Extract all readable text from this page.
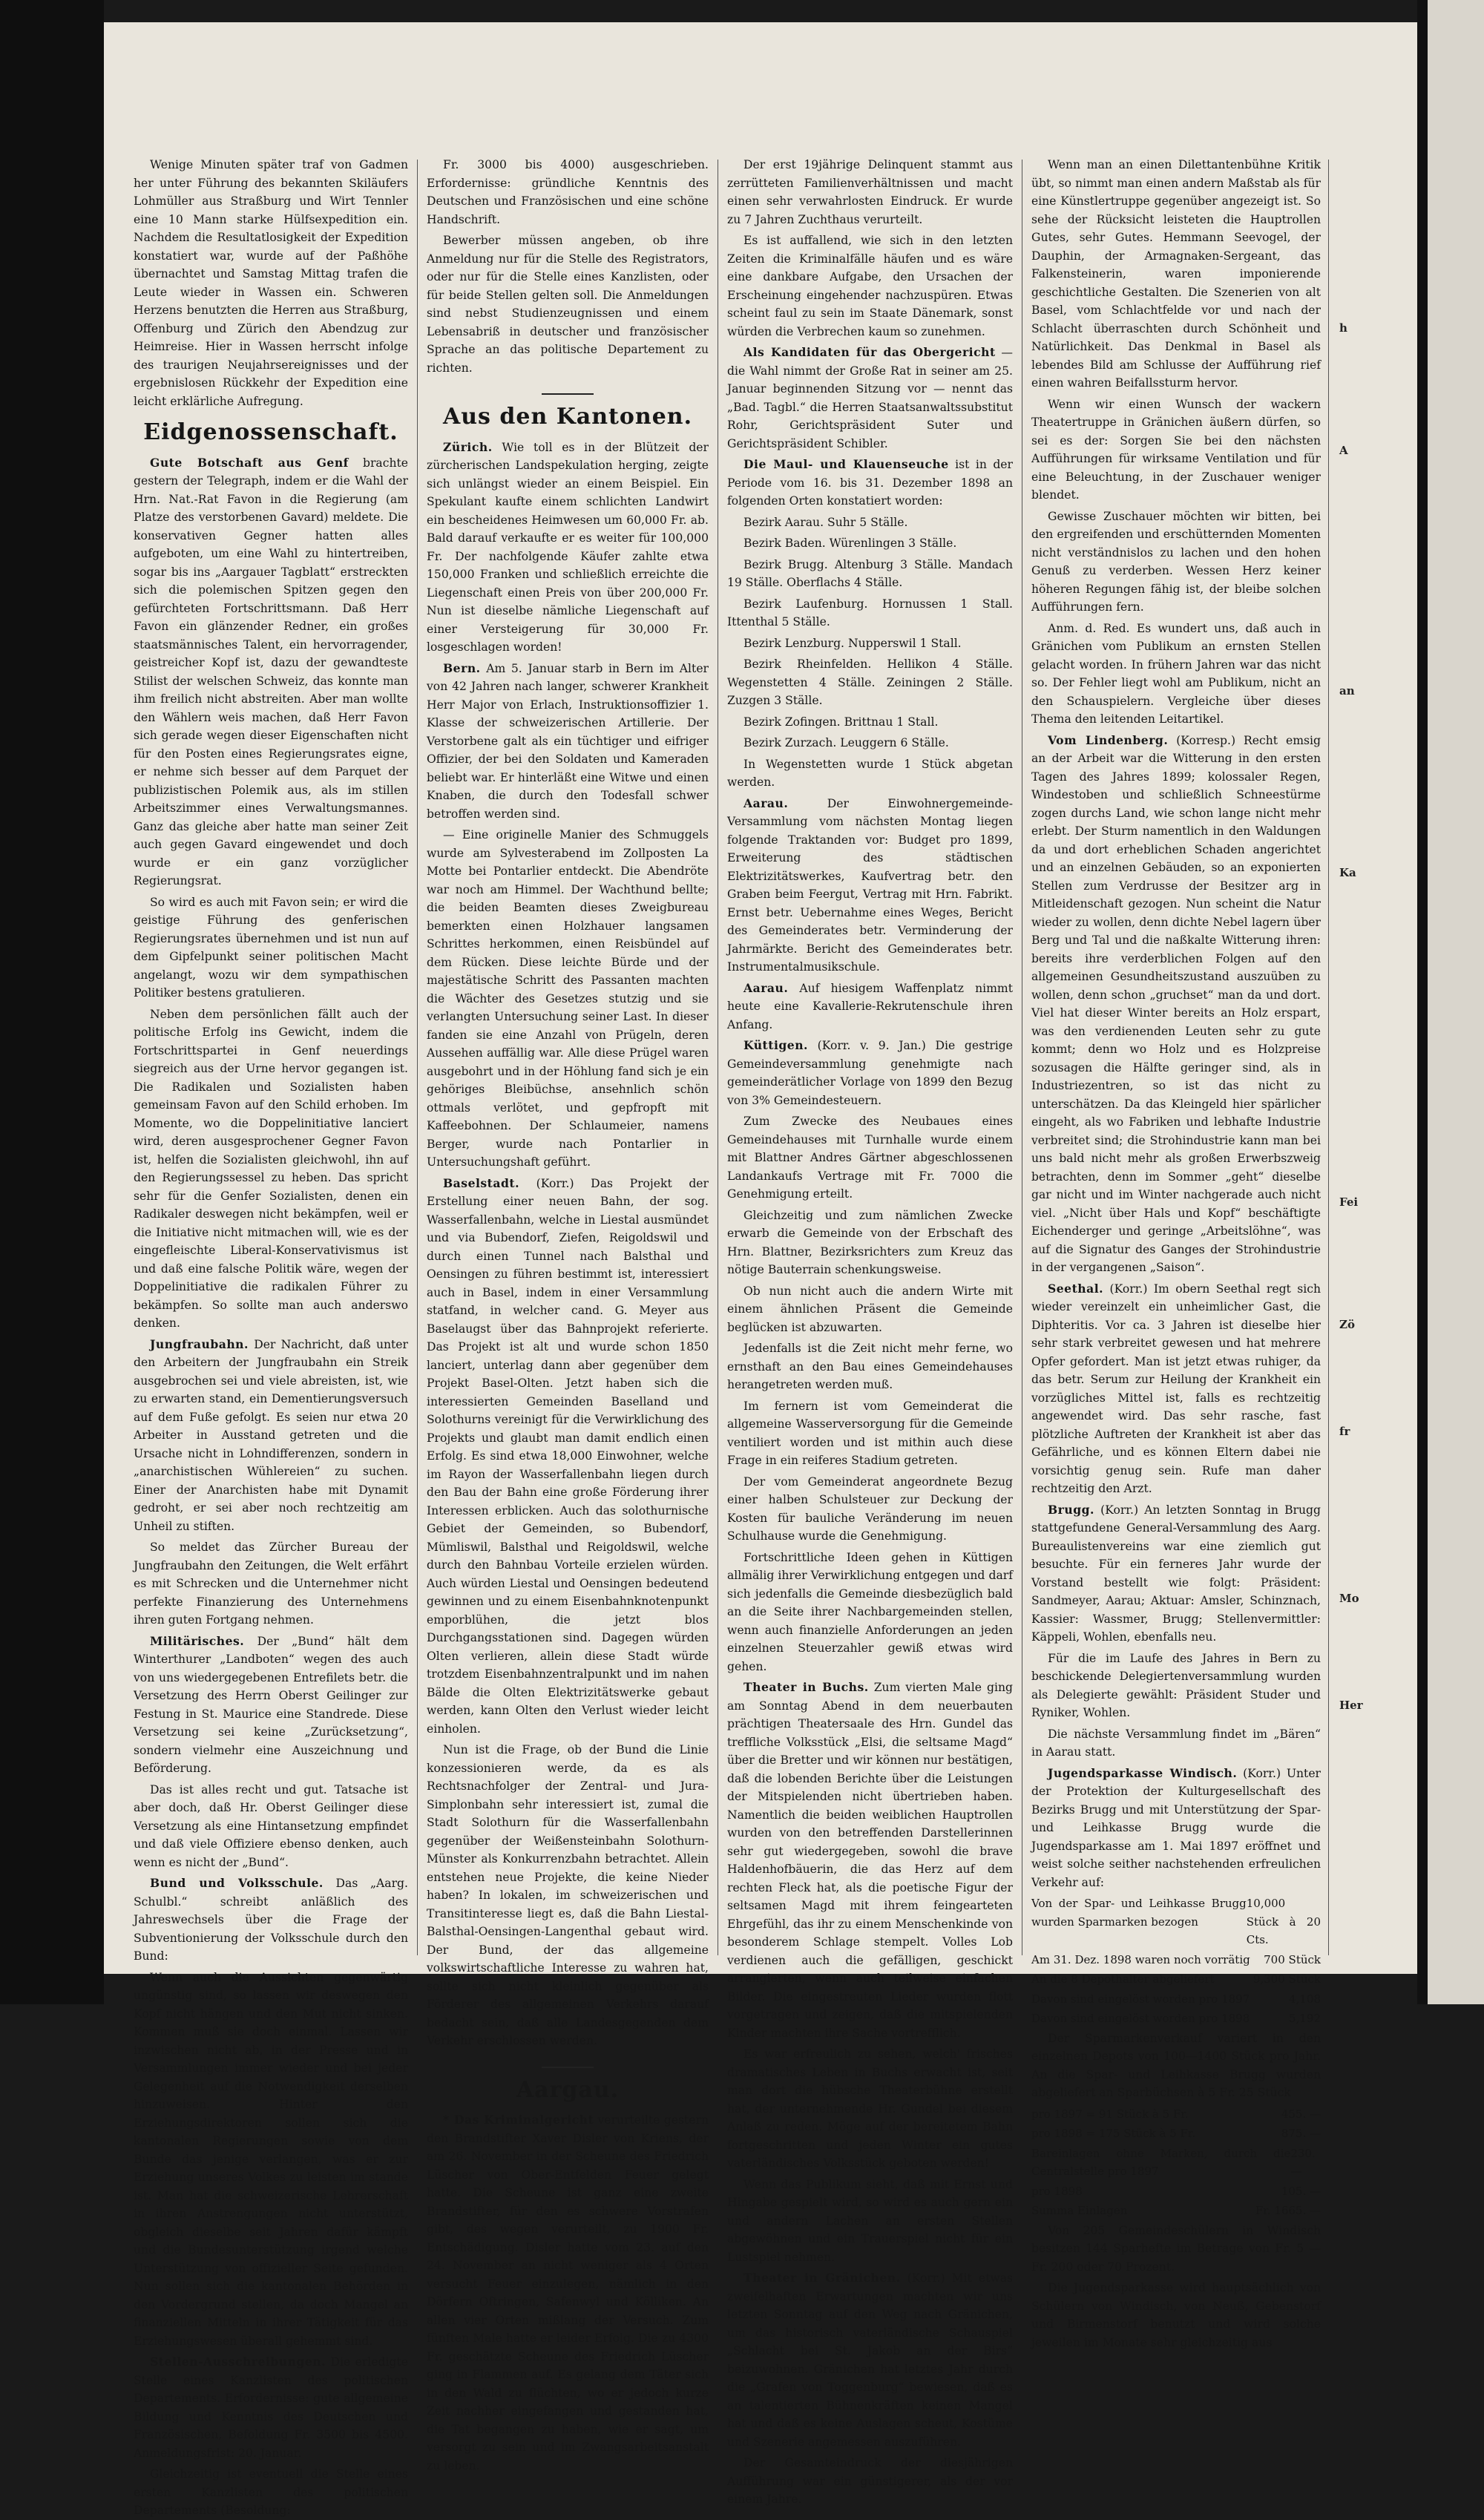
Wenige Minuten später traf von Gadmen her unter Führung des bekannten Skiläufers Lohmüller aus Straßburg und Wirt Tennler eine 10 Mann starke Hülfsexpedition ein. Nachdem die Resultatlosigkeit der Expedition konstatiert war, wurde auf der Paßhöhe übernachtet und Samstag Mittag trafen die Leute wieder in Wassen ein. Schweren Herzens benutzten die Herren aus Straßburg, Offenburg und Zürich den Abendzug zur Heimreise. Hier in Wassen herrscht infolge des traurigen Neujahrsereignisses und der ergebnislosen Rückkehr der Expedition eine leicht erklärliche Aufregung.

Eidgenossenschaft.

Gute Botschaft aus Genf brachte gestern der Telegraph, indem er die Wahl der Hrn. Nat.-Rat Favon in die Regierung (am Platze des verstorbenen Gavard) meldete. Die konservativen Gegner hatten alles aufgeboten, um eine Wahl zu hintertreiben, sogar bis ins „Aargauer Tagblatt“ erstreckten sich die polemischen Spitzen gegen den gefürchteten Fortschrittsmann. Daß Herr Favon ein glänzender Redner, ein großes staatsmännisches Talent, ein hervorragender, geistreicher Kopf ist, dazu der gewandteste Stilist der welschen Schweiz, das konnte man ihm freilich nicht abstreiten. Aber man wollte den Wählern weis machen, daß Herr Favon sich gerade wegen dieser Eigenschaften nicht für den Posten eines Regierungsrates eigne, er nehme sich besser auf dem Parquet der publizistischen Polemik aus, als im stillen Arbeitszimmer eines Verwaltungsmannes. Ganz das gleiche aber hatte man seiner Zeit auch gegen Gavard eingewendet und doch wurde er ein ganz vorzüglicher Regierungsrat.

So wird es auch mit Favon sein; er wird die geistige Führung des genferischen Regierungsrates übernehmen und ist nun auf dem Gipfelpunkt seiner politischen Macht angelangt, wozu wir dem sympathischen Politiker bestens gratulieren.

Neben dem persönlichen fällt auch der politische Erfolg ins Gewicht, indem die Fortschrittspartei in Genf neuerdings siegreich aus der Urne hervor gegangen ist. Die Radikalen und Sozialisten haben gemeinsam Favon auf den Schild erhoben. Im Momente, wo die Doppelinitiative lanciert wird, deren ausgesprochener Gegner Favon ist, helfen die Sozialisten gleichwohl, ihn auf den Regierungssessel zu heben. Das spricht sehr für die Genfer Sozialisten, denen ein Radikaler deswegen nicht bekämpfen, weil er die Initiative nicht mitmachen will, wie es der eingefleischte Liberal-Konservativismus ist und daß eine falsche Politik wäre, wegen der Doppelinitiative die radikalen Führer zu bekämpfen. So sollte man auch anderswo denken.

Jungfraubahn. Der Nachricht, daß unter den Arbeitern der Jungfraubahn ein Streik ausgebrochen sei und viele abreisten, ist, wie zu erwarten stand, ein Dementierungsversuch auf dem Fuße gefolgt. Es seien nur etwa 20 Arbeiter in Ausstand getreten und die Ursache nicht in Lohndifferenzen, sondern in „anarchistischen Wühlereien“ zu suchen. Einer der Anarchisten habe mit Dynamit gedroht, er sei aber noch rechtzeitig am Unheil zu stiften.

So meldet das Zürcher Bureau der Jungfraubahn den Zeitungen, die Welt erfährt es mit Schrecken und die Unternehmer nicht perfekte Finanzierung des Unternehmens ihren guten Fortgang nehmen.

Militärisches. Der „Bund“ hält dem Winterthurer „Landboten“ wegen des auch von uns wiedergegebenen Entrefilets betr. die Versetzung des Herrn Oberst Geilinger zur Festung in St. Maurice eine Standrede. Diese Versetzung sei keine „Zurücksetzung“, sondern vielmehr eine Auszeichnung und Beförderung.

Das ist alles recht und gut. Tatsache ist aber doch, daß Hr. Oberst Geilinger diese Versetzung als eine Hintansetzung empfindet und daß viele Offiziere ebenso denken, auch wenn es nicht der „Bund“.

Bund und Volksschule. Das „Aarg. Schulbl.“ schreibt anläßlich des Jahreswechsels über die Frage der Subventionierung der Volksschule durch den Bund:

Wenn auch die Aussichten gegenwärtig ungünstig sind, so lassen wir deswegen den Kopf nicht hängen und den Mut nicht sinken. Kommen muß sie doch einmal. Lassen wir inzwischen nicht ab, in der Presse und in Versammlungen immer wieder und bei jeder Gelegenheit auf die Notwendigkeit derselben hinzuweisen. Hinter den Erziehungsdirektoren sollen sich die kantonalen Regierungen sowie von dem Bunde das jenige verlangen, was er zur Erziehung unseres Volkes zu leisten im stande ist. Man hat die schweizerische Lehrerschaft in ihren Anstrengungen nicht unterstützt, obgleich dieselbe seit Jahren dafür kämpft und die Bundesunterstützung irgend welche Unterstützung von offizieller Seite gefunden. Nun sollen sich die kantonalen Behörden in den Vordergrund stellen, da doch Mangel an finanziellen Mitteln in ihrer Tätigkeit für das Erziehungswesen überall gehemmt sind.

Stellen-Ausschreibungen. Die erledigte Stelle eines Kanzlisten des politischen Departements. Erfordernisse: gute allgemeine Bildung und Kenntnis des Deutschen und Französischen, Befoldung Fr. 3500 bis 4500. Anmeldungsfrist: 20. Januar.

Gleichzeitig ist eventuell die Stelle eines ersten Kanzlisten des politischen Departements (Besoldung:

Fr. 3000 bis 4000) ausgeschrieben. Erfordernisse: gründliche Kenntnis des Deutschen und Französischen und eine schöne Handschrift.

Bewerber müssen angeben, ob ihre Anmeldung nur für die Stelle des Registrators, oder nur für die Stelle eines Kanzlisten, oder für beide Stellen gelten soll. Die Anmeldungen sind nebst Studienzeugnissen und einem Lebensabriß in deutscher und französischer Sprache an das politische Departement zu richten.

Aus den Kantonen.

Zürich. Wie toll es in der Blützeit der zürcherischen Landspekulation herging, zeigte sich unlängst wieder an einem Beispiel. Ein Spekulant kaufte einem schlichten Landwirt ein bescheidenes Heimwesen um 60,000 Fr. ab. Bald darauf verkaufte er es weiter für 100,000 Fr. Der nachfolgende Käufer zahlte etwa 150,000 Franken und schließlich erreichte die Liegenschaft einen Preis von über 200,000 Fr. Nun ist dieselbe nämliche Liegenschaft auf einer Versteigerung für 30,000 Fr. losgeschlagen worden!

Bern. Am 5. Januar starb in Bern im Alter von 42 Jahren nach langer, schwerer Krankheit Herr Major von Erlach, Instruktionsoffizier 1. Klasse der schweizerischen Artillerie. Der Verstorbene galt als ein tüchtiger und eifriger Offizier, der bei den Soldaten und Kameraden beliebt war. Er hinterläßt eine Witwe und einen Knaben, die durch den Todesfall schwer betroffen werden sind.

— Eine originelle Manier des Schmuggels wurde am Sylvesterabend im Zollposten La Motte bei Pontarlier entdeckt. Die Abendröte war noch am Himmel. Der Wachthund bellte; die beiden Beamten dieses Zweigbureau bemerkten einen Holzhauer langsamen Schrittes herkommen, einen Reisbündel auf dem Rücken. Diese leichte Bürde und der majestätische Schritt des Passanten machten die Wächter des Gesetzes stutzig und sie verlangten Untersuchung seiner Last. In dieser fanden sie eine Anzahl von Prügeln, deren Aussehen auffällig war. Alle diese Prügel waren ausgebohrt und in der Höhlung fand sich je ein gehöriges Bleibüchse, ansehnlich schön ottmals verlötet, und gepfropft mit Kaffeebohnen. Der Schlaumeier, namens Berger, wurde nach Pontarlier in Untersuchungshaft geführt.

Baselstadt. (Korr.) Das Projekt der Erstellung einer neuen Bahn, der sog. Wasserfallenbahn, welche in Liestal ausmündet und via Bubendorf, Ziefen, Reigoldswil und durch einen Tunnel nach Balsthal und Oensingen zu führen bestimmt ist, interessiert auch in Basel, indem in einer Versammlung statfand, in welcher cand. G. Meyer aus Baselaugst über das Bahnprojekt referierte. Das Projekt ist alt und wurde schon 1850 lanciert, unterlag dann aber gegenüber dem Projekt Basel-Olten. Jetzt haben sich die interessierten Gemeinden Baselland und Solothurns vereinigt für die Verwirklichung des Projekts und glaubt man damit endlich einen Erfolg. Es sind etwa 18,000 Einwohner, welche im Rayon der Wasserfallenbahn liegen durch den Bau der Bahn eine große Förderung ihrer Interessen erblicken. Auch das solothurnische Gebiet der Gemeinden, so Bubendorf, Mümliswil, Balsthal und Reigoldswil, welche durch den Bahnbau Vorteile erzielen würden. Auch würden Liestal und Oensingen bedeutend gewinnen und zu einem Eisenbahnknotenpunkt emporblühen, die jetzt blos Durchgangsstationen sind. Dagegen würden Olten verlieren, allein diese Stadt würde trotzdem Eisenbahnzentralpunkt und im nahen Bälde die Olten Elektrizitätswerke gebaut werden, kann Olten den Verlust wieder leicht einholen.

Nun ist die Frage, ob der Bund die Linie konzessionieren werde, da es als Rechtsnachfolger der Zentral- und Jura-Simplonbahn sehr interessiert ist, zumal die Stadt Solothurn für die Wasserfallenbahn gegenüber der Weißensteinbahn Solothurn-Münster als Konkurrenzbahn betrachtet. Allein entstehen neue Projekte, die keine Nieder haben? In lokalen, im schweizerischen und Transitinteresse liegt es, daß die Bahn Liestal-Balsthal-Oensingen-Langenthal gebaut wird. Der Bund, der das allgemeine volkswirtschaftliche Interesse zu wahren hat, sollte sich nicht kleinlich gegenüber als Förderer des allgemeinen Verkehrs darauf bedacht sein, daß alle Landesgegenden dem Verkehr erschlossen werden.

Aargau.

* Das Kriminalgericht verurteilte gestern den Brandstifter Xaver Disler von Kriens, der am 26. November in der Scheune des Friedrich Lüscher von Ober-Entfelden Feuer gelegt hatte. Die Scheune ist ganz eine zweite Brandstifter, für den es schwere Vorstrafen gibt, des wegen verurteilt, zu 1900 Fr. Entschädigung. Disler hatte vom 23. auf den 24. November an nicht weniger als 4 Orten versucht Feuer einzulegen, nämlich in den Dörfern Oftringen, Safenwyl und Kölliken. An allen vier Orten mißlang der Versuch. Zum fünften Male hatte er leider Erfolg. Die zu 4300 Fr. geschätzte Scheune des Friedrich Lüscher ging in Flammen auf. Es gelang dem Täter sich in den Wald zu flüchten, wo er jedoch kurze Zeit nachher eingefangen und gestanden hat, die Tat begangen zu haben, wie er sagt, um versorgt zu sein und im Zwangsarbeitsanstalt zu leben.

Der erst 19jährige Delinquent stammt aus zerrütteten Familienverhältnissen und macht einen sehr verwahrlosten Eindruck. Er wurde zu 7 Jahren Zuchthaus verurteilt.

Es ist auffallend, wie sich in den letzten Zeiten die Kriminalfälle häufen und es wäre eine dankbare Aufgabe, den Ursachen der Erscheinung eingehender nachzuspüren. Etwas scheint faul zu sein im Staate Dänemark, sonst würden die Verbrechen kaum so zunehmen.

Als Kandidaten für das Obergericht — die Wahl nimmt der Große Rat in seiner am 25. Januar beginnenden Sitzung vor — nennt das „Bad. Tagbl.“ die Herren Staatsanwaltssubstitut Rohr, Gerichtspräsident Suter und Gerichtspräsident Schibler.

Die Maul- und Klauenseuche ist in der Periode vom 16. bis 31. Dezember 1898 an folgenden Orten konstatiert worden:

Bezirk Aarau. Suhr 5 Ställe.

Bezirk Baden. Würenlingen 3 Ställe.

Bezirk Brugg. Altenburg 3 Ställe. Mandach 19 Ställe. Oberflachs 4 Ställe.

Bezirk Laufenburg. Hornussen 1 Stall. Ittenthal 5 Ställe.

Bezirk Lenzburg. Nupperswil 1 Stall.

Bezirk Rheinfelden. Hellikon 4 Ställe. Wegenstetten 4 Ställe. Zeiningen 2 Ställe. Zuzgen 3 Ställe.

Bezirk Zofingen. Brittnau 1 Stall.

Bezirk Zurzach. Leuggern 6 Ställe.

In Wegenstetten wurde 1 Stück abgetan werden.

Aarau.	Der Einwohnergemeinde-Versammlung vom nächsten Montag liegen folgende Traktanden vor: Budget pro 1899, Erweiterung des städtischen Elektrizitätswerkes, Kaufvertrag betr. den Graben beim Feergut, Vertrag mit Hrn. Fabrikt. Ernst betr. Uebernahme eines Weges, Bericht des Gemeinderates betr. Verminderung der Jahrmärkte. Bericht des Gemeinderates betr. Instrumentalmusikschule.

Aarau. Auf hiesigem Waffenplatz nimmt heute eine Kavallerie-Rekrutenschule ihren Anfang.

Küttigen. (Korr. v. 9. Jan.) Die gestrige Gemeindeversammlung genehmigte nach gemeinderätlicher Vorlage von 1899 den Bezug von 3% Gemeindesteuern.

Zum Zwecke des Neubaues eines Gemeindehauses mit Turnhalle wurde einem mit Blattner Andres Gärtner abgeschlossenen Landankaufs Vertrage mit Fr. 7000 die Genehmigung erteilt.

Gleichzeitig und zum nämlichen Zwecke erwarb die Gemeinde von der Erbschaft des Hrn. Blattner, Bezirksrichters zum Kreuz das nötige Bauterrain schenkungsweise.

Ob nun nicht auch die andern Wirte mit einem ähnlichen Präsent die Gemeinde beglücken ist abzuwarten.

Jedenfalls ist die Zeit nicht mehr ferne, wo ernsthaft an den Bau eines Gemeindehauses herangetreten werden muß.

Im fernern ist vom Gemeinderat die allgemeine Wasserversorgung für die Gemeinde ventiliert worden und ist mithin auch diese Frage in ein reiferes Stadium getreten.

Der vom Gemeinderat angeordnete Bezug einer halben Schulsteuer zur Deckung der Kosten für bauliche Veränderung im neuen Schulhause wurde die Genehmigung.

Fortschrittliche Ideen gehen in Küttigen allmälig ihrer Verwirklichung entgegen und darf sich jedenfalls die Gemeinde diesbezüglich bald an die Seite ihrer Nachbargemeinden stellen, wenn auch finanzielle Anforderungen an jeden einzelnen Steuerzahler gewiß etwas wird gehen.

Theater in Buchs. Zum vierten Male ging am Sonntag Abend in dem neuerbauten prächtigen Theatersaale des Hrn. Gundel das treffliche Volksstück „Elsi, die seltsame Magd“ über die Bretter und wir können nur bestätigen, daß die lobenden Berichte über die Leistungen der Mitspielenden nicht übertrieben haben. Namentlich die beiden weiblichen Hauptrollen wurden von den betreffenden Darstellerinnen sehr gut wiedergegeben, sowohl die brave Haldenhofbäuerin, die das Herz auf dem rechten Fleck hat, als die poetische Figur der seltsamen Magd mit ihrem feingearteten Ehrgefühl, das ihr zu einem Menschenkinde von besonderem Schlage stempelt. Volles Lob verdienen auch die gefälligen, geschickt arrangierten, wenn auch teilweise einfachen Bilder. Die eingestreuten Lieder wurden flott vorgetragen und zeigen, daß die mitspielenden Kinder machten ihre Sache vortrefflich.

Es war erfreulich zu sehen, welch' frisches dramatisches Leben in Buchs erwacht ist, seit man dort die hübsche Theaterbühne erstellt hat, der unternehmende Hr. Gundel bei diesem Anlaß zu reden. Möge auf der bereitetem Bahn fortgeschritten und jeden Winter ein gutes vaterländisches Volksstück geboten werden!

Wenn das Publikum sieht, daß mit Ernst und Hingabe gespielt wird, so wird es auch gern ein und andern Lachen an ersten Stellen abgewöhnen und ein Trauerspiel nicht für ein Lustspiel nehmen.

Theater in Gränichen. (Korr.) Mit etwas zweifelhaften Erwartungen machten wir uns letzten Sonntag auf den Weg nach Gränichen, um das historisch vaterländische Schauspiel „Schlacht bei St. Jakob an der Birs“ beizuwohnen. Gränichen hat letztes Jahr durch die „Grafen von Toggenburg“ bewiesen, daß es an talentierten Bühnenkräften keinen Mangel hat und daß es keine Auslagen scheut, Kostüme und Szenerie angemessen auszuführen.

Der Gesamteindruck der diesjährigen Aufführung war ein günstigerer, als der vor einem Jahre.

Wenn man an einen Dilettantenbühne Kritik übt, so nimmt man einen andern Maßstab als für eine Künstlertruppe gegenüber angezeigt ist. So sehe der Rücksicht leisteten die Hauptrollen Gutes, sehr Gutes. Hemmann Seevogel, der Dauphin, der Armagnaken-Sergeant, das Falkensteinerin, waren imponierende geschichtliche Gestalten. Die Szenerien von alt Basel, vom Schlachtfelde vor und nach der Schlacht überraschten durch Schönheit und Natürlichkeit. Das Denkmal in Basel als lebendes Bild am Schlusse der Aufführung rief einen wahren Beifallssturm hervor.

Wenn wir einen Wunsch der wackern Theatertruppe in Gränichen äußern dürfen, so sei es der: Sorgen Sie bei den nächsten Aufführungen für wirksame Ventilation und für eine Beleuchtung, in der Zuschauer weniger blendet.

Gewisse Zuschauer möchten wir bitten, bei den ergreifenden und erschütternden Momenten nicht verständnislos zu lachen und den hohen Genuß zu verderben. Wessen Herz keiner höheren Regungen fähig ist, der bleibe solchen Aufführungen fern.

Anm. d. Red. Es wundert uns, daß auch in Gränichen vom Publikum an ernsten Stellen gelacht worden. In frühern Jahren war das nicht so. Der Fehler liegt wohl am Publikum, nicht an den Schauspielern. Vergleiche über dieses Thema den leitenden Leitartikel.

Vom Lindenberg. (Korresp.) Recht emsig an der Arbeit war die Witterung in den ersten Tagen des Jahres 1899; kolossaler Regen, Windestoben und schließlich Schneestürme zogen durchs Land, wie schon lange nicht mehr erlebt. Der Sturm namentlich in den Waldungen da und dort erheblichen Schaden angerichtet und an einzelnen Gebäuden, so an exponierten Stellen zum Verdrusse der Besitzer arg in Mitleidenschaft gezogen. Nun scheint die Natur wieder zu wollen, denn dichte Nebel lagern über Berg und Tal und die naßkalte Witterung ihren: bereits ihre verderblichen Folgen auf den allgemeinen Gesundheitszustand auszuüben zu wollen, denn schon „gruchset“ man da und dort. Viel hat dieser Winter bereits an Holz erspart, was den verdienenden Leuten sehr zu gute kommt; denn wo Holz und es Holzpreise sozusagen die Hälfte geringer sind, als in Industriezentren, so ist das nicht zu unterschätzen. Da das Kleingeld hier spärlicher eingeht, als wo Fabriken und lebhafte Industrie verbreitet sind; die Strohindustrie kann man bei uns bald nicht mehr als großen Erwerbszweig betrachten, denn im Sommer „geht“ dieselbe gar nicht und im Winter nachgerade auch nicht viel. „Nicht über Hals und Kopf“ beschäftigte Eichenderger und geringe „Arbeitslöhne“, was auf die Signatur des Ganges der Strohindustrie in der vergangenen „Saison“.

Seethal. (Korr.) Im obern Seethal regt sich wieder vereinzelt ein unheimlicher Gast, die Diphteritis. Vor ca. 3 Jahren ist dieselbe hier sehr stark verbreitet gewesen und hat mehrere Opfer gefordert. Man ist jetzt etwas ruhiger, da das betr. Serum zur Heilung der Krankheit ein vorzügliches Mittel ist, falls es rechtzeitig angewendet wird. Das sehr rasche, fast plötzliche Auftreten der Krankheit ist aber das Gefährliche, und es können Eltern dabei nie vorsichtig genug sein. Rufe man daher rechtzeitig den Arzt.

Brugg. (Korr.) An letzten Sonntag in Brugg stattgefundene General-Versammlung des Aarg. Bureaulistenvereins war eine ziemlich gut besuchte. Für ein ferneres Jahr wurde der Vorstand bestellt wie folgt: Präsident: Sandmeyer, Aarau; Aktuar: Amsler, Schinznach, Kassier: Wassmer, Brugg; Stellenvermittler: Käppeli, Wohlen, ebenfalls neu.

Für die im Laufe des Jahres in Bern zu beschickende Delegiertenversammlung wurden als Delegierte gewählt: Präsident Studer und Ryniker, Wohlen.

Die nächste Versammlung findet im „Bären“ in Aarau statt.

Jugendsparkasse Windisch. (Korr.) Unter der Protektion der Kulturgesellschaft des Bezirks Brugg und mit Unterstützung der Spar- und Leihkasse Brugg wurde die Jugendsparkasse am 1. Mai 1897 eröffnet und weist solche seither nachstehenden erfreulichen Verkehr auf:

Von der Spar- und Leihkasse Brugg wurden Sparmarken bezogen
10,000 Stück à 20 Cts.
Am 31. Dez. 1898 waren noch vorrätig 700 Stück
An die 8 Depothalter abgeliefert	9,300 Stück
Davon sind eingelöst worden pro 1897	4,108
Davon sind eingelöst worden pro 1898	5,192

Der Sparmarkenverkauf variert in den einzelnen Depots von 100—1400 Stück pro Jahr. An die Spar- und Leihkasse Brugg wurden abgeliefert an Sparbüchsen à 5 Fr. 25 Stück

pro 1897 = 91 Stück à 5 Fr.	455. —
pro 1898 = 175 Stück à 5 Fr.	875. —
Bareinlagen ohne Marken, durch die Centralstelle pro 1897
230. —
pro 1898	105. —
Summa Einlagen	Fr. 1665. —

Von 205 Gemeindeschülern in Windisch besitzen 144 Sparhefte im Betrage von Fr. 5 — Fr. 200 oder 70 Prozent.

Die Jugendsparkasse wird hauptsächlich von Schülern von Windisch, von Neuß, Gebenstorf und Birmenstorf benutzt und wird solche jeweilen im Monate sehr gleichzeitig aus

h
A
an
Ka
Fei
Zö
fr
Mo
Her
